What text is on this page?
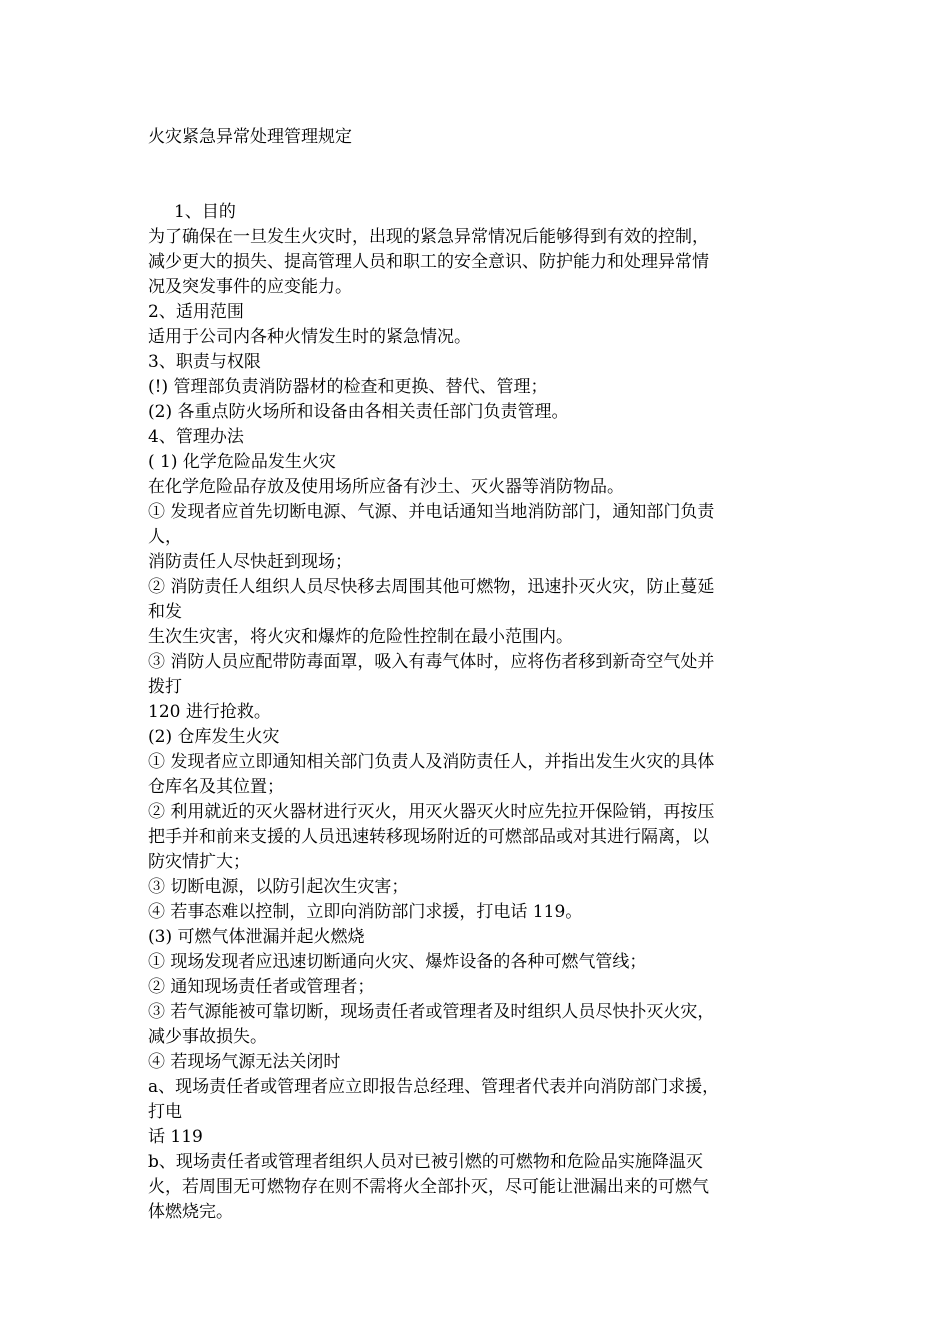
火灾紧急异常处理管理规定
1、目的
为了确保在一旦发生火灾时，出现的紧急异常情况后能够得到有效的控制，
减少更大的损失、提高管理人员和职工的安全意识、防护能力和处理异常情
况及突发事件的应变能力。
2、适用范围
适用于公司内各种火情发生时的紧急情况。
3、职责与权限
(!) 管理部负责消防器材的检查和更换、替代、管理；
(2) 各重点防火场所和设备由各相关责任部门负责管理。
4、管理办法
( 1) 化学危险品发生火灾
在化学危险品存放及使用场所应备有沙土、灭火器等消防物品。
① 发现者应首先切断电源、气源、并电话通知当地消防部门，通知部门负责
人，
消防责任人尽快赶到现场；
② 消防责任人组织人员尽快移去周围其他可燃物，迅速扑灭火灾，防止蔓延
和发
生次生灾害，将火灾和爆炸的危险性控制在最小范围内。
③ 消防人员应配带防毒面罩，吸入有毒气体时，应将伤者移到新奇空气处并
拨打
120 进行抢救。
(2) 仓库发生火灾
① 发现者应立即通知相关部门负责人及消防责任人，并指出发生火灾的具体
仓库名及其位置；
② 利用就近的灭火器材进行灭火，用灭火器灭火时应先拉开保险销，再按压
把手并和前来支援的人员迅速转移现场附近的可燃部品或对其进行隔离，以
防灾情扩大；
③ 切断电源，以防引起次生灾害；
④ 若事态难以控制，立即向消防部门求援，打电话 119。
(3) 可燃气体泄漏并起火燃烧
① 现场发现者应迅速切断通向火灾、爆炸设备的各种可燃气管线；
② 通知现场责任者或管理者；
③ 若气源能被可靠切断，现场责任者或管理者及时组织人员尽快扑灭火灾，
减少事故损失。
④ 若现场气源无法关闭时
a、现场责任者或管理者应立即报告总经理、管理者代表并向消防部门求援，
打电
话 119
b、现场责任者或管理者组织人员对已被引燃的可燃物和危险品实施降温灭
火，若周围无可燃物存在则不需将火全部扑灭，尽可能让泄漏出来的可燃气
体燃烧完。
